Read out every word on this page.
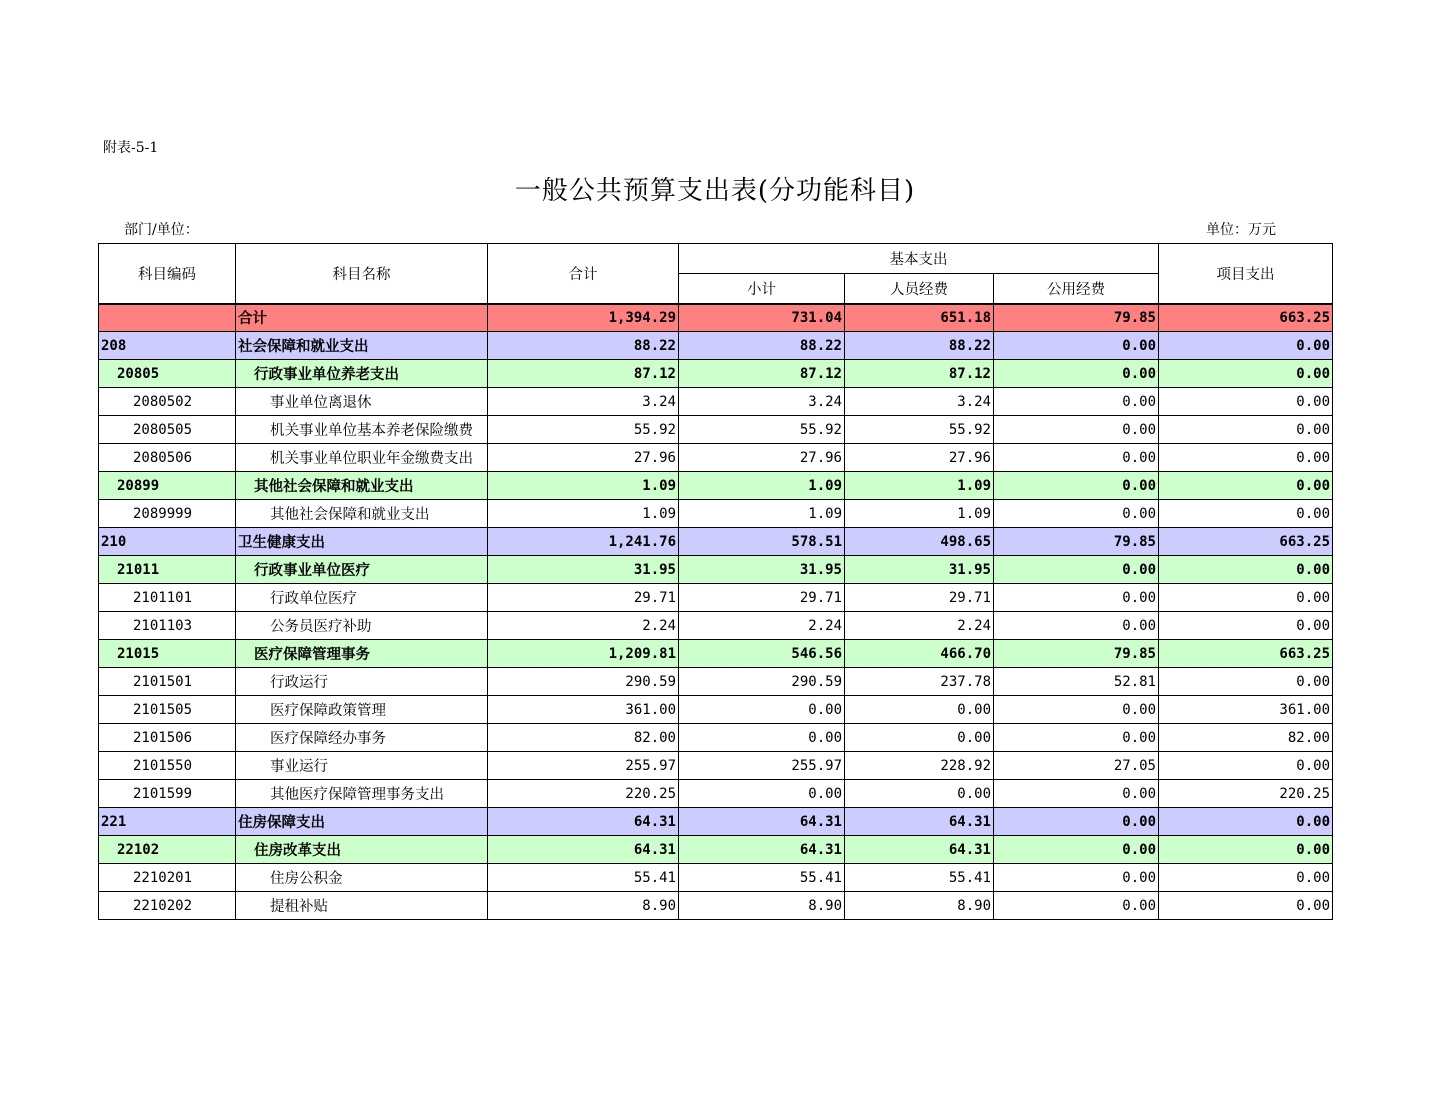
附表-5-1
一般公共预算支出表(分功能科目)
部门/单位：	单位：万元
科目编码	科目名称	合计	基本支出			项目支出
			小计	人员经费	公用经费	
	合计	1,394.29	731.04	651.18	79.85	663.25
208	社会保障和就业支出	88.22	88.22	88.22	0.00	0.00
20805	行政事业单位养老支出	87.12	87.12	87.12	0.00	0.00
2080502	事业单位离退休	3.24	3.24	3.24	0.00	0.00
2080505	机关事业单位基本养老保险缴费	55.92	55.92	55.92	0.00	0.00
2080506	机关事业单位职业年金缴费支出	27.96	27.96	27.96	0.00	0.00
20899	其他社会保障和就业支出	1.09	1.09	1.09	0.00	0.00
2089999	其他社会保障和就业支出	1.09	1.09	1.09	0.00	0.00
210	卫生健康支出	1,241.76	578.51	498.65	79.85	663.25
21011	行政事业单位医疗	31.95	31.95	31.95	0.00	0.00
2101101	行政单位医疗	29.71	29.71	29.71	0.00	0.00
2101103	公务员医疗补助	2.24	2.24	2.24	0.00	0.00
21015	医疗保障管理事务	1,209.81	546.56	466.70	79.85	663.25
2101501	行政运行	290.59	290.59	237.78	52.81	0.00
2101505	医疗保障政策管理	361.00	0.00	0.00	0.00	361.00
2101506	医疗保障经办事务	82.00	0.00	0.00	0.00	82.00
2101550	事业运行	255.97	255.97	228.92	27.05	0.00
2101599	其他医疗保障管理事务支出	220.25	0.00	0.00	0.00	220.25
221	住房保障支出	64.31	64.31	64.31	0.00	0.00
22102	住房改革支出	64.31	64.31	64.31	0.00	0.00
2210201	住房公积金	55.41	55.41	55.41	0.00	0.00
2210202	提租补贴	8.90	8.90	8.90	0.00	0.00
